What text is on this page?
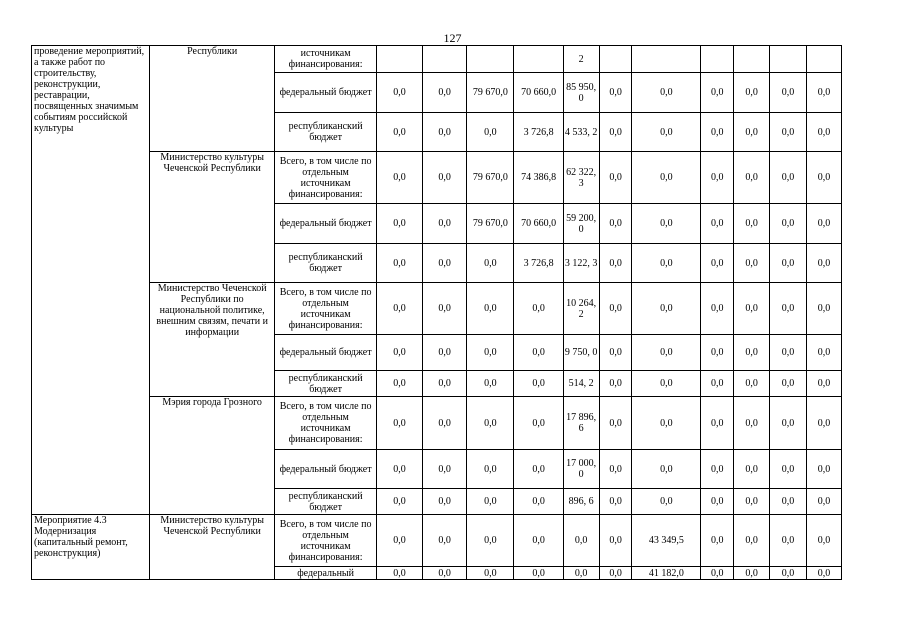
127
проведение мероприятий, а также работ по строительству, реконструкции, реставрации, посвященных значимым событиям российской культуры	Республики	источникам финансирования:					2						
		федеральный бюджет	0,0	0,0	79 670,0	70 660,0	85 950, 0	0,0	0,0	0,0	0,0	0,0	0,0
		республиканский бюджет	0,0	0,0	0,0	3 726,8	4 533, 2	0,0	0,0	0,0	0,0	0,0	0,0
	Министерство культуры Чеченской Республики	Всего, в том числе по отдельным источникам финансирования:	0,0	0,0	79 670,0	74 386,8	62 322, 3	0,0	0,0	0,0	0,0	0,0	0,0
		федеральный бюджет	0,0	0,0	79 670,0	70 660,0	59 200, 0	0,0	0,0	0,0	0,0	0,0	0,0
		республиканский бюджет	0,0	0,0	0,0	3 726,8	3 122, 3	0,0	0,0	0,0	0,0	0,0	0,0
	Министерство Чеченской Республики по национальной политике, внешним связям, печати и информации	Всего, в том числе по отдельным источникам финансирования:	0,0	0,0	0,0	0,0	10 264, 2	0,0	0,0	0,0	0,0	0,0	0,0
		федеральный бюджет	0,0	0,0	0,0	0,0	9 750, 0	0,0	0,0	0,0	0,0	0,0	0,0
		республиканский бюджет	0,0	0,0	0,0	0,0	514, 2	0,0	0,0	0,0	0,0	0,0	0,0
	Мэрия города Грозного	Всего, в том числе по отдельным источникам финансирования:	0,0	0,0	0,0	0,0	17 896, 6	0,0	0,0	0,0	0,0	0,0	0,0
		федеральный бюджет	0,0	0,0	0,0	0,0	17 000, 0	0,0	0,0	0,0	0,0	0,0	0,0
		республиканский бюджет	0,0	0,0	0,0	0,0	896, 6	0,0	0,0	0,0	0,0	0,0	0,0
Мероприятие 4.3 Модернизация (капитальный ремонт, реконструкция)	Министерство культуры Чеченской Республики	Всего, в том числе по отдельным источникам финансирования:	0,0	0,0	0,0	0,0	0,0	0,0	43 349,5	0,0	0,0	0,0	0,0
		федеральный	0,0	0,0	0,0	0,0	0,0	0,0	41 182,0	0,0	0,0	0,0	0,0
